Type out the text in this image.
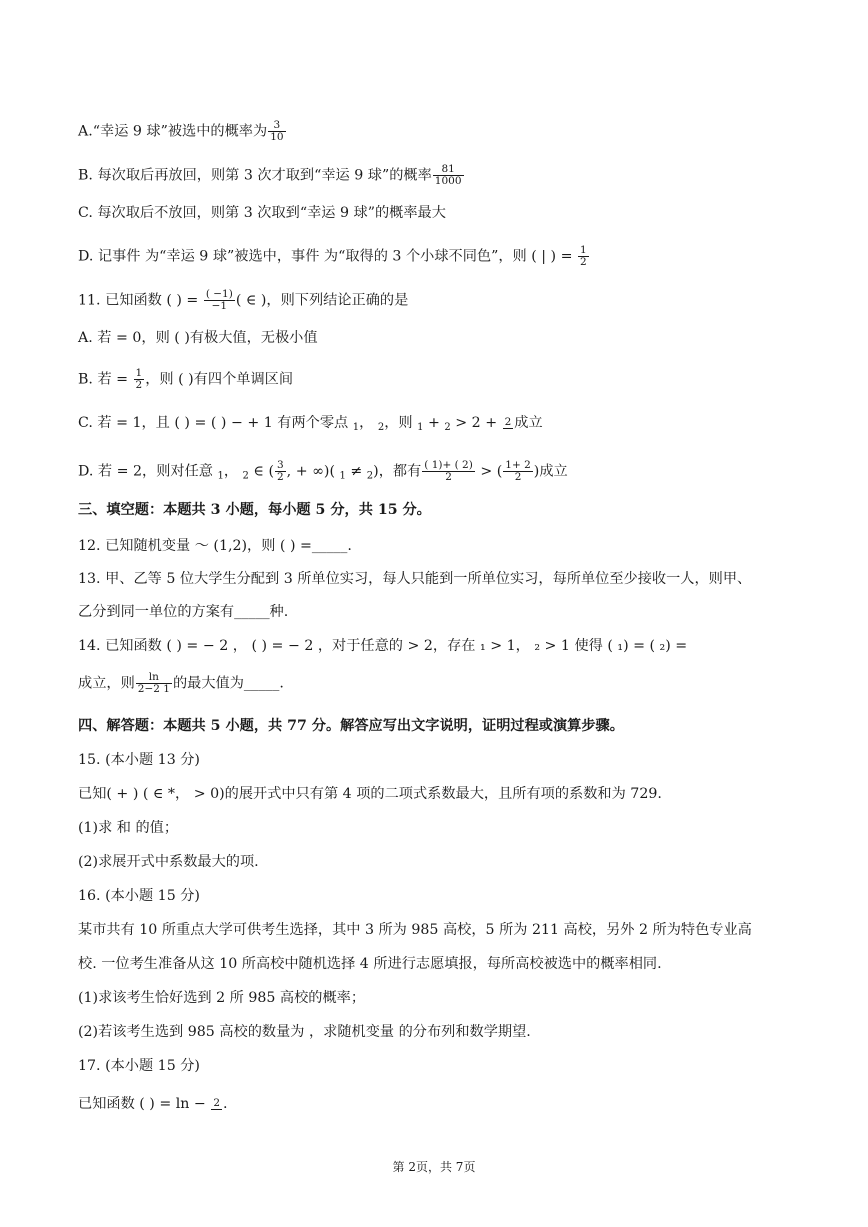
A.“幸运 9 球”被选中的概率为 $\frac{3}{10}$
B. 每次取后再放回，则第 3 次才取到“幸运 9 球”的概率 $\frac{81}{1000}$
C. 每次取后不放回，则第 3 次取到“幸运 9 球”的概率最大
D. 记事件 为“幸运 9 球”被选中，事件 为“取得的 3 个小球不同色”，则 ( | ) = $\frac{1}{2}$
11. 已知函数 ( ) = $\frac{( -1)}{-1}$ ( ∈ )，则下列结论正确的是
A. 若 = 0，则 ( )有极大值，无极小值
B. 若 = $\frac{1}{2}$ ，则 ( )有四个单调区间
C. 若 = 1，且 ( ) = ( ) − + 1 有两个零点 $_1$， $_2$，则 $_1$ + $_2$ > 2 + 2 成立
D. 若 = 2，则对任意 $_1$， $_2$ ∈ ( $\frac{3}{2}$ , + ∞)( $_1$ ≠ $_2$)，都有 $\frac{( 1)+ ( 2)}{2}$ > ( $\frac{1+ 2}{2}$ )成立
三、填空题：本题共 3 小题，每小题 5 分，共 15 分。
12. 已知随机变量 ～ (1,2)，则 ( ) =_____.
13. 甲、乙等 5 位大学生分配到 3 所单位实习，每人只能到一所单位实习，每所单位至少接收一人，则甲、
乙分到同一单位的方案有_____种.
14. 已知函数 ( ) = − 2 ， ( ) = − 2 ，对于任意的 > 2，存在 ₁ > 1， ₂ > 1 使得 ( ₁) = ( ₂) =
成立，则 $\frac{\ln}{2-2 1}$ 的最大值为_____.
四、解答题：本题共 5 小题，共 77 分。解答应写出文字说明，证明过程或演算步骤。
15. (本小题 13 分)
已知( + ) ( ∈ *， > 0)的展开式中只有第 4 项的二项式系数最大，且所有项的系数和为 729.
(1)求 和 的值；
(2)求展开式中系数最大的项.
16. (本小题 15 分)
某市共有 10 所重点大学可供考生选择，其中 3 所为 985 高校，5 所为 211 高校，另外 2 所为特色专业高
校. 一位考生准备从这 10 所高校中随机选择 4 所进行志愿填报，每所高校被选中的概率相同.
(1)求该考生恰好选到 2 所 985 高校的概率；
(2)若该考生选到 985 高校的数量为 ，求随机变量 的分布列和数学期望.
17. (本小题 15 分)
已知函数 ( ) = ln − 2 .
第 2页，共 7页
